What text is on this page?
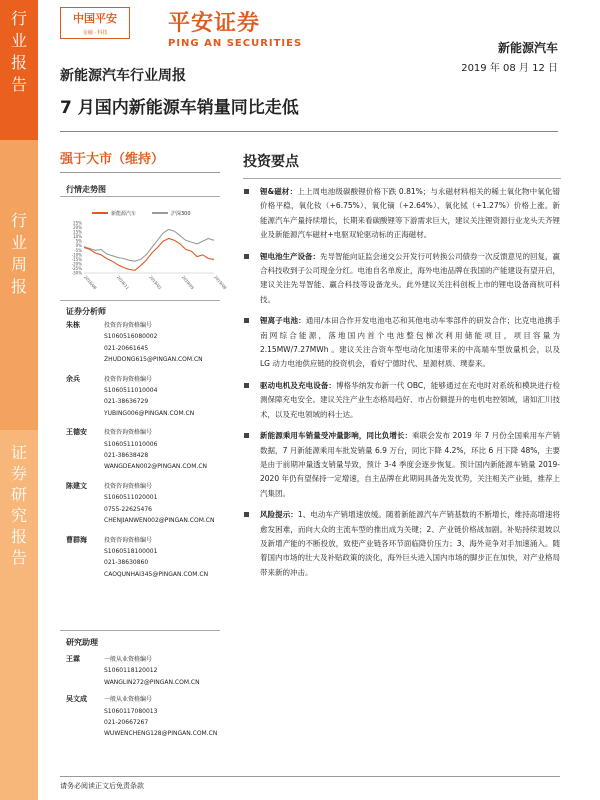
行
业
报
告
行
业
周
报
证
券
研
究
报
告
中国平安
金融 · 科技	平安证券
PING AN SECURITIES	新能源汽车
2019 年 08 月 12 日
新能源汽车行业周报
7 月国内新能源车销量同比走低
强于大市（维持）
行情走势图
新能源汽车	沪深300
25%
20%
15%
10%
5%
0%
-5%
-10%
-15%
-20%
-25%
-30%
2018/08	2018/11	2019/02	2019/05	2019/08
证券分析师
朱栋	投资咨询资格编号
S1060516080002
021-20661645
ZHUDONG615@PINGAN.COM.CN
余兵	投资咨询资格编号
S1060511010004
021-38636729
YUBING006@PINGAN.COM.CN
王德安	投资咨询资格编号
S1060511010006
021-38638428
WANGDEAN002@PINGAN.COM.CN
陈建文	投资咨询资格编号
S1060511020001
0755-22625476
CHENJIANWEN002@PINGAN.COM.CN
曹群海	投资咨询资格编号
S1060518100001
021-38630860
CAOQUNHAI345@PINGAN.COM.CN
研究助理
王霖	一般从业资格编号
S1060118120012
WANGLIN272@PINGAN.COM.CN
吴文成	一般从业资格编号
S1060117080013
021-20667267
WUWENCHENG128@PINGAN.COM.CN
投资要点
锂&磁材：上上周电池级碳酸锂价格下跌 0.81%；与永磁材料相关的稀土氧化物中氧化镨价格平稳，氧化钕（+6.75%）、氧化镝（+2.64%）、氧化铽（+1.27%）价格上涨。新能源汽车产量持续增长，长期来看碳酸锂等下游需求巨大，建议关注锂资源行业龙头天齐锂业及新能源汽车磁材+电驱双轮驱动标的正海磁材。
锂电池生产设备：先导智能向证监会递交公开发行可转换公司债券一次反馈意见的回复，赢合科技收到子公司现金分红。电池自名单废止，海外电池品牌在我国的产能建设有望开启，建议关注先导智能、赢合科技等设备龙头。此外建议关注科创板上市的锂电设备商杭可科技。
锂离子电池：通用/本田合作开发电池电芯和其他电动车零部件的研发合作；比克电池携手南网综合能源，落地国内首个电池整包梯次利用储能项目，项目容量为 2.15MW/7.27MWh 。建议关注合资车型电动化加速带来的中高端车型放量机会，以及 LG 动力电池供应链的投资机会，看好宁德时代、星源材质、璞泰来。
驱动电机及充电设备：博格华纳发布新一代 OBC，能够通过在充电时对系统和模块进行检测保障充电安全。建议关注产业生态格局趋好、市占份额提升的电机电控领域，诸如汇川技术，以及充电领域的科士达。
新能源乘用车销量受冲量影响，同比负增长：乘联会发布 2019 年 7 月份全国乘用车产销数据，7 月新能源乘用车批发销量 6.9 万台，同比下降 4.2%，环比 6 月下降 48%，主要是由于前期冲量透支销量导致，预计 3-4 季度会逐步恢复。预计国内新能源车销量 2019-2020 年仍有望保持一定增速，自主品牌在此期间具备先发优势，关注相关产业链，推荐上汽集团。
风险提示：1、电动车产销增速放缓。随着新能源汽车产销基数的不断增长，维持高增速将愈发困难，而向大众的主流车型的推出成为关键；2、产业链价格战加剧。补贴持续退坡以及新增产能的不断投放，致使产业链各环节面临降价压力；3、海外竞争对手加速涌入。随着国内市场的壮大及补贴政策的淡化，海外巨头进入国内市场的脚步正在加快，对产业格局带来新的冲击。
请务必阅读正文后免责条款
